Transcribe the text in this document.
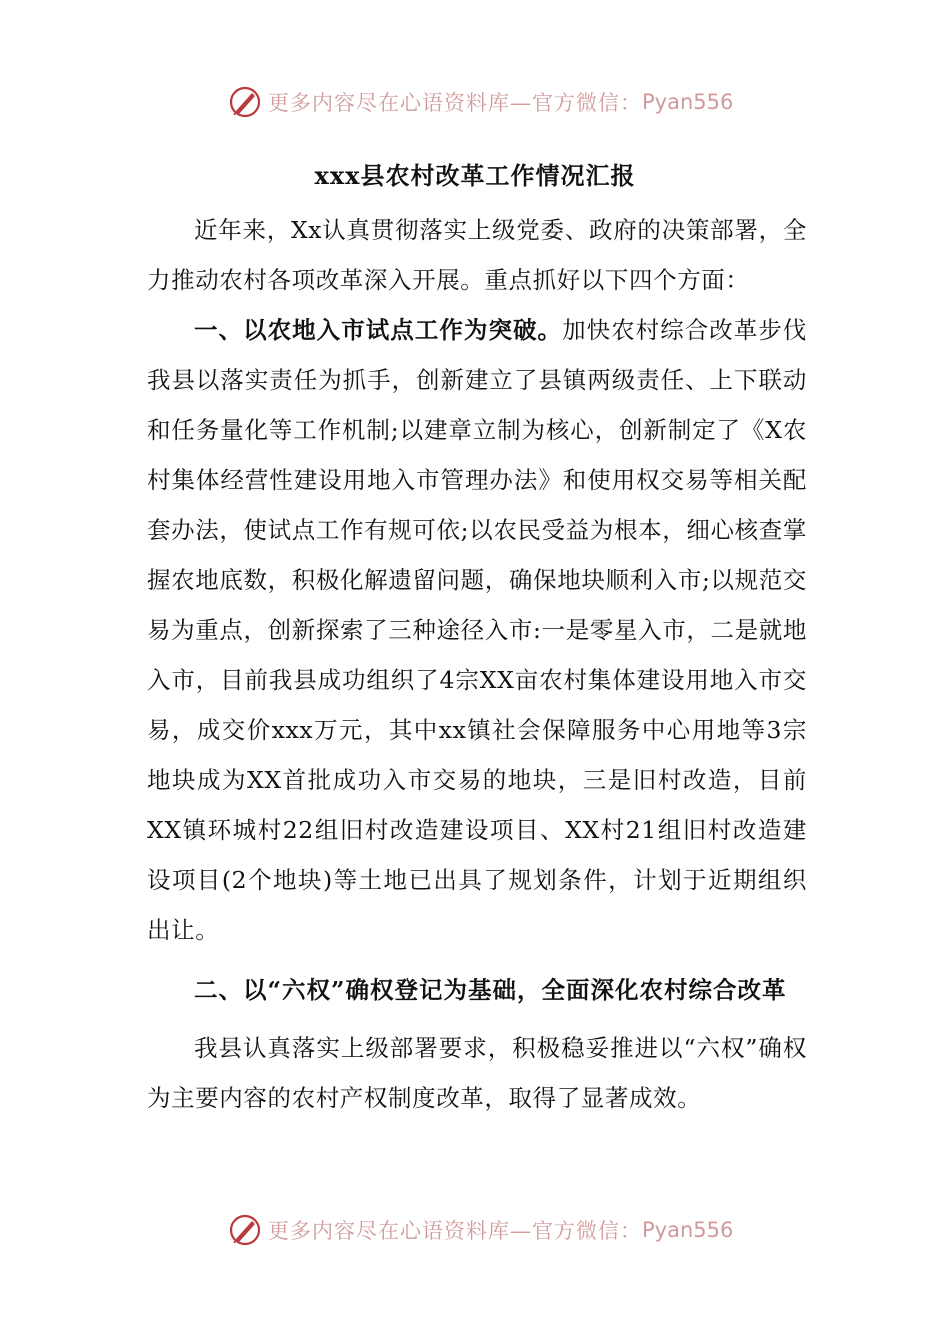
更多内容尽在心语资料库—官方微信： Pyan556
xxx县农村改革工作情况汇报

近年来，Xx认真贯彻落实上级党委、政府的决策部署，全力推动农村各项改革深入开展。重点抓好以下四个方面：

一、以农地入市试点工作为突破。加快农村综合改革步伐我县以落实责任为抓手，创新建立了县镇两级责任、上下联动和任务量化等工作机制;以建章立制为核心，创新制定了《X农村集体经营性建设用地入市管理办法》和使用权交易等相关配套办法，使试点工作有规可依;以农民受益为根本，细心核查掌握农地底数，积极化解遗留问题，确保地块顺利入市;以规范交易为重点，创新探索了三种途径入市:一是零星入市，二是就地入市，目前我县成功组织了4宗XX亩农村集体建设用地入市交易，成交价xxx万元，其中xx镇社会保障服务中心用地等3宗地块成为XX首批成功入市交易的地块，三是旧村改造，目前XX镇环城村22组旧村改造建设项目、XX村21组旧村改造建设项目(2个地块)等土地已出具了规划条件，计划于近期组织出让。

二、以“六权”确权登记为基础，全面深化农村综合改革

我县认真落实上级部署要求，积极稳妥推进以“六权”确权为主要内容的农村产权制度改革，取得了显著成效。

更多内容尽在心语资料库—官方微信： Pyan556
